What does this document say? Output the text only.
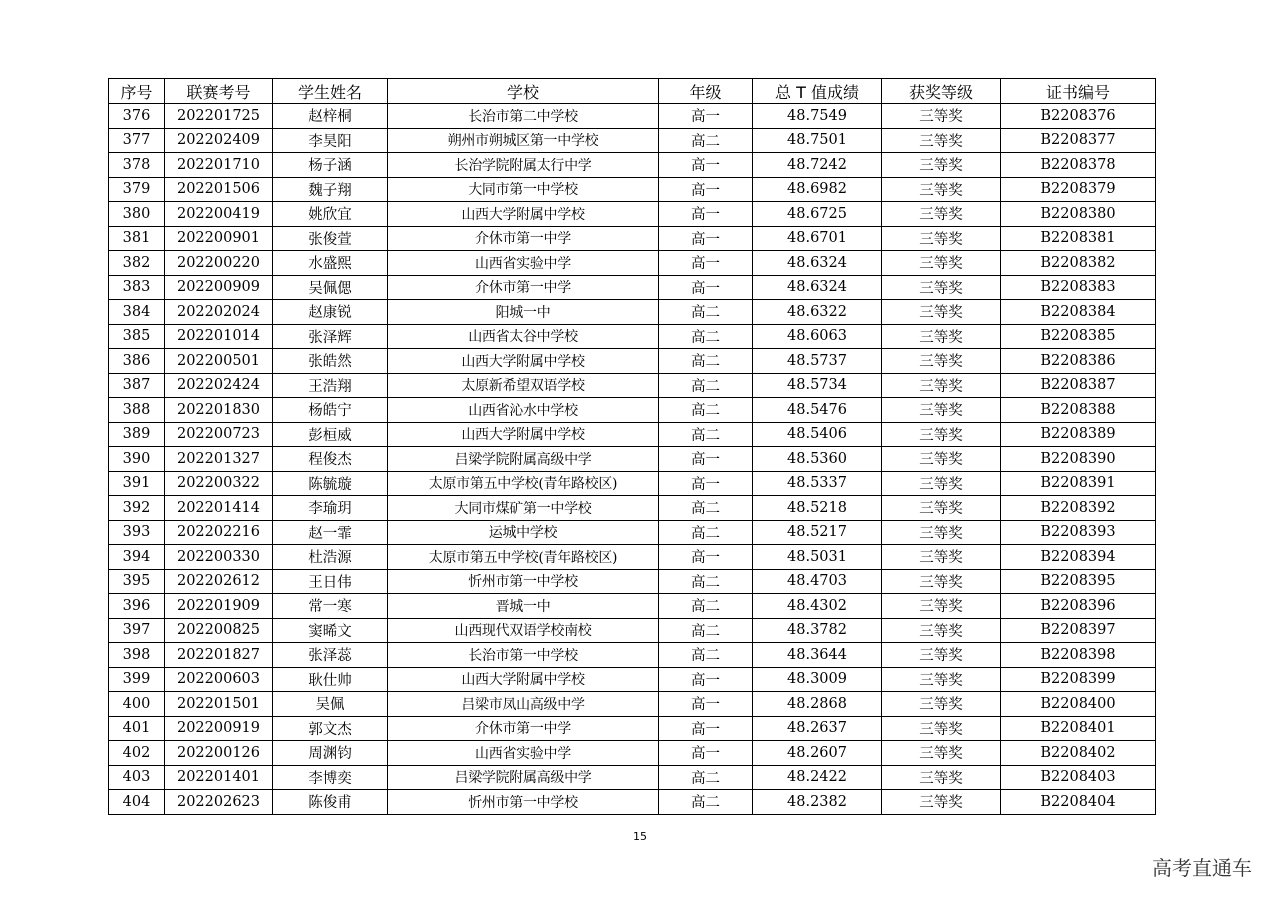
序号	联赛考号	学生姓名	学校	年级	总 T 值成绩	获奖等级	证书编号
376	202201725	赵梓桐	长治市第二中学校	高一	48.7549	三等奖	B2208376
377	202202409	李昊阳	朔州市朔城区第一中学校	高二	48.7501	三等奖	B2208377
378	202201710	杨子涵	长治学院附属太行中学	高一	48.7242	三等奖	B2208378
379	202201506	魏子翔	大同市第一中学校	高一	48.6982	三等奖	B2208379
380	202200419	姚欣宜	山西大学附属中学校	高一	48.6725	三等奖	B2208380
381	202200901	张俊萱	介休市第一中学	高一	48.6701	三等奖	B2208381
382	202200220	水盛熙	山西省实验中学	高一	48.6324	三等奖	B2208382
383	202200909	吴佩偲	介休市第一中学	高一	48.6324	三等奖	B2208383
384	202202024	赵康锐	阳城一中	高二	48.6322	三等奖	B2208384
385	202201014	张泽辉	山西省太谷中学校	高二	48.6063	三等奖	B2208385
386	202200501	张皓然	山西大学附属中学校	高二	48.5737	三等奖	B2208386
387	202202424	王浩翔	太原新希望双语学校	高二	48.5734	三等奖	B2208387
388	202201830	杨皓宁	山西省沁水中学校	高二	48.5476	三等奖	B2208388
389	202200723	彭桓威	山西大学附属中学校	高二	48.5406	三等奖	B2208389
390	202201327	程俊杰	吕梁学院附属高级中学	高一	48.5360	三等奖	B2208390
391	202200322	陈毓璇	太原市第五中学校(青年路校区)	高一	48.5337	三等奖	B2208391
392	202201414	李瑜玥	大同市煤矿第一中学校	高二	48.5218	三等奖	B2208392
393	202202216	赵一霏	运城中学校	高二	48.5217	三等奖	B2208393
394	202200330	杜浩源	太原市第五中学校(青年路校区)	高一	48.5031	三等奖	B2208394
395	202202612	王日伟	忻州市第一中学校	高二	48.4703	三等奖	B2208395
396	202201909	常一寒	晋城一中	高二	48.4302	三等奖	B2208396
397	202200825	窦晞文	山西现代双语学校南校	高二	48.3782	三等奖	B2208397
398	202201827	张泽蕊	长治市第一中学校	高二	48.3644	三等奖	B2208398
399	202200603	耿仕帅	山西大学附属中学校	高一	48.3009	三等奖	B2208399
400	202201501	吴佩	吕梁市凤山高级中学	高一	48.2868	三等奖	B2208400
401	202200919	郭文杰	介休市第一中学	高一	48.2637	三等奖	B2208401
402	202200126	周渊钧	山西省实验中学	高一	48.2607	三等奖	B2208402
403	202201401	李博奕	吕梁学院附属高级中学	高二	48.2422	三等奖	B2208403
404	202202623	陈俊甫	忻州市第一中学校	高二	48.2382	三等奖	B2208404
15
高考直通车
